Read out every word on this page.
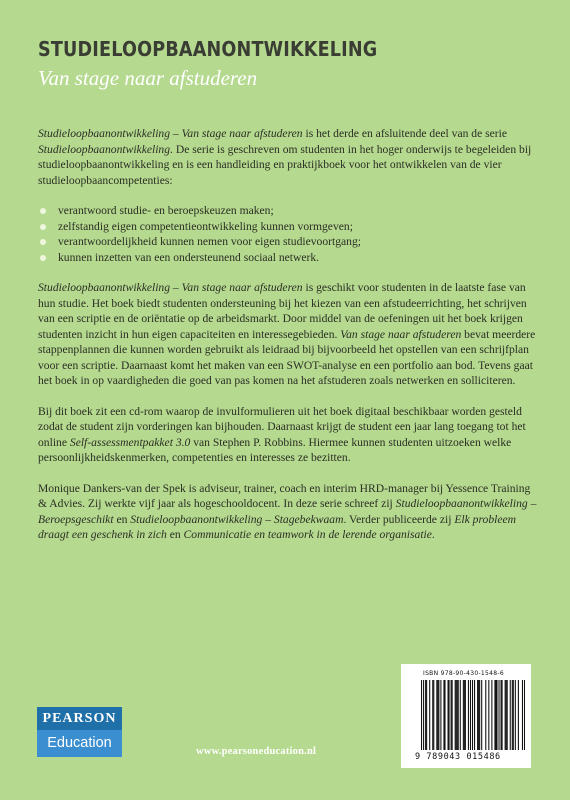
STUDIELOOPBAANONTWIKKELING
Van stage naar afstuderen

Studieloopbaanontwikkeling – Van stage naar afstuderen is het derde en afsluitende deel van de serie Studieloopbaanontwikkeling. De serie is geschreven om studenten in het hoger onderwijs te begeleiden bij studieloopbaanontwikkeling en is een handleiding en praktijkboek voor het ontwikkelen van de vier studieloopbaancompetenties:

verantwoord studie- en beroepskeuzen maken;
zelfstandig eigen competentieontwikkeling kunnen vormgeven;
verantwoordelijkheid kunnen nemen voor eigen studievoortgang;
kunnen inzetten van een ondersteunend sociaal netwerk.

Studieloopbaanontwikkeling – Van stage naar afstuderen is geschikt voor studenten in de laatste fase van hun studie. Het boek biedt studenten ondersteuning bij het kiezen van een afstudeerrichting, het schrijven van een scriptie en de oriëntatie op de arbeidsmarkt. Door middel van de oefeningen uit het boek krijgen studenten inzicht in hun eigen capaciteiten en interessegebieden. Van stage naar afstuderen bevat meerdere stappenplannen die kunnen worden gebruikt als leidraad bij bijvoorbeeld het opstellen van een schrijfplan voor een scriptie. Daarnaast komt het maken van een SWOT-analyse en een portfolio aan bod. Tevens gaat het boek in op vaardigheden die goed van pas komen na het afstuderen zoals netwerken en solliciteren.

Bij dit boek zit een cd-rom waarop de invulformulieren uit het boek digitaal beschikbaar worden gesteld zodat de student zijn vorderingen kan bijhouden. Daarnaast krijgt de student een jaar lang toegang tot het online Self-assessmentpakket 3.0 van Stephen P. Robbins. Hiermee kunnen studenten uitzoeken welke persoonlijkheidskenmerken, competenties en interesses ze bezitten.

Monique Dankers-van der Spek is adviseur, trainer, coach en interim HRD-manager bij Yessence Training & Advies. Zij werkte vijf jaar als hogeschooldocent. In deze serie schreef zij Studieloopbaanontwikkeling – Beroepsgeschikt en Studieloopbaanontwikkeling – Stagebekwaam. Verder publiceerde zij Elk probleem draagt een geschenk in zich en Communicatie en teamwork in de lerende organisatie.

ISBN 978-90-430-1548-6
9 789043 015486
PEARSON
Education
www.pearsoneducation.nl
